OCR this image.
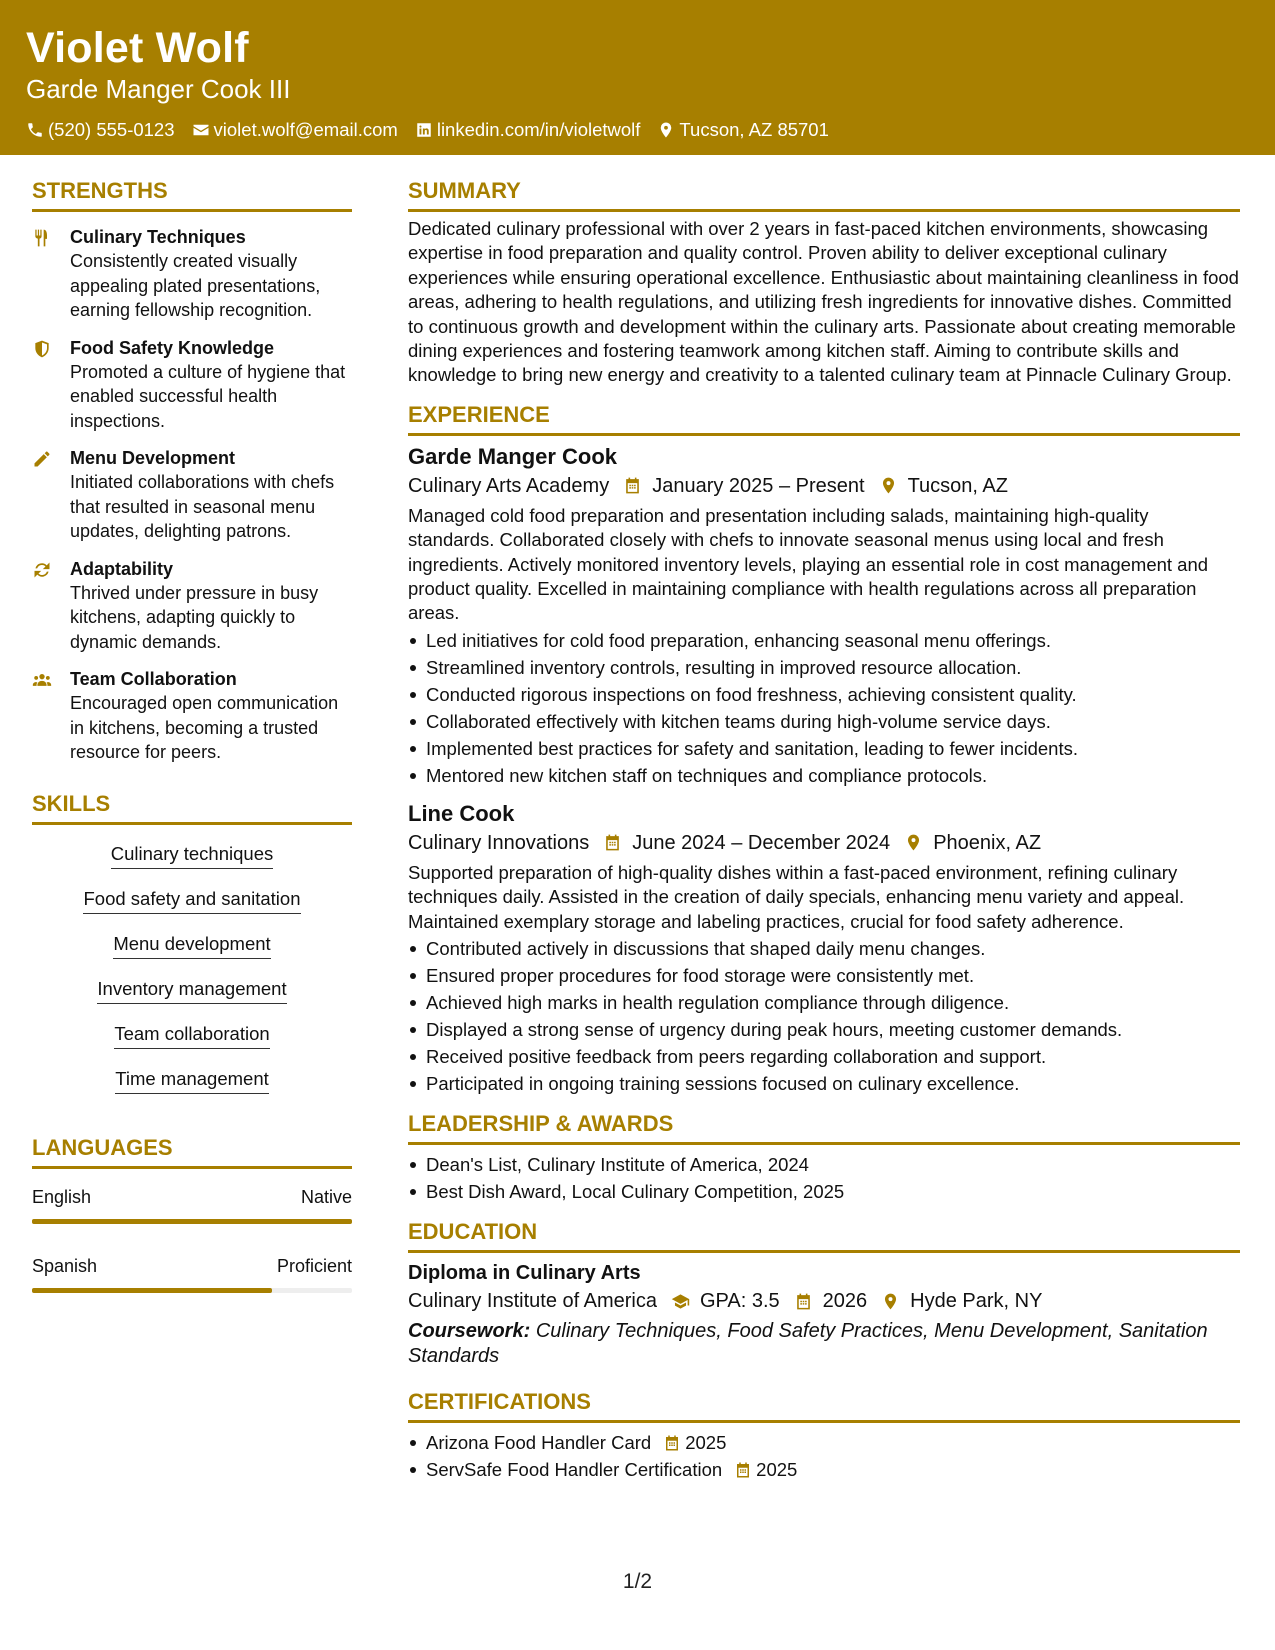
Violet Wolf
Garde Manger Cook III
(520) 555-0123 violet.wolf@email.com linkedin.com/in/violetwolf Tucson, AZ 85701
STRENGTHS
Culinary Techniques
Consistently created visually appealing plated presentations, earning fellowship recognition.
Food Safety Knowledge
Promoted a culture of hygiene that enabled successful health inspections.
Menu Development
Initiated collaborations with chefs that resulted in seasonal menu updates, delighting patrons.
Adaptability
Thrived under pressure in busy kitchens, adapting quickly to dynamic demands.
Team Collaboration
Encouraged open communication in kitchens, becoming a trusted resource for peers.
SKILLS
Culinary techniques
Food safety and sanitation
Menu development
Inventory management
Team collaboration
Time management
LANGUAGES
English	Native
Spanish	Proficient
SUMMARY
Dedicated culinary professional with over 2 years in fast-paced kitchen environments, showcasing expertise in food preparation and quality control. Proven ability to deliver exceptional culinary experiences while ensuring operational excellence. Enthusiastic about maintaining cleanliness in food areas, adhering to health regulations, and utilizing fresh ingredients for innovative dishes. Committed to continuous growth and development within the culinary arts. Passionate about creating memorable dining experiences and fostering teamwork among kitchen staff. Aiming to contribute skills and knowledge to bring new energy and creativity to a talented culinary team at Pinnacle Culinary Group.
EXPERIENCE
Garde Manger Cook
Culinary Arts Academy January 2025 – Present Tucson, AZ
Managed cold food preparation and presentation including salads, maintaining high-quality standards. Collaborated closely with chefs to innovate seasonal menus using local and fresh ingredients. Actively monitored inventory levels, playing an essential role in cost management and product quality. Excelled in maintaining compliance with health regulations across all preparation areas.
Led initiatives for cold food preparation, enhancing seasonal menu offerings.
Streamlined inventory controls, resulting in improved resource allocation.
Conducted rigorous inspections on food freshness, achieving consistent quality.
Collaborated effectively with kitchen teams during high-volume service days.
Implemented best practices for safety and sanitation, leading to fewer incidents.
Mentored new kitchen staff on techniques and compliance protocols.
Line Cook
Culinary Innovations June 2024 – December 2024 Phoenix, AZ
Supported preparation of high-quality dishes within a fast-paced environment, refining culinary techniques daily. Assisted in the creation of daily specials, enhancing menu variety and appeal. Maintained exemplary storage and labeling practices, crucial for food safety adherence.
Contributed actively in discussions that shaped daily menu changes.
Ensured proper procedures for food storage were consistently met.
Achieved high marks in health regulation compliance through diligence.
Displayed a strong sense of urgency during peak hours, meeting customer demands.
Received positive feedback from peers regarding collaboration and support.
Participated in ongoing training sessions focused on culinary excellence.
LEADERSHIP & AWARDS
Dean's List, Culinary Institute of America, 2024
Best Dish Award, Local Culinary Competition, 2025
EDUCATION
Diploma in Culinary Arts
Culinary Institute of America GPA: 3.5 2026 Hyde Park, NY
Coursework: Culinary Techniques, Food Safety Practices, Menu Development, Sanitation Standards
CERTIFICATIONS
Arizona Food Handler Card 2025
ServSafe Food Handler Certification 2025
1/2
